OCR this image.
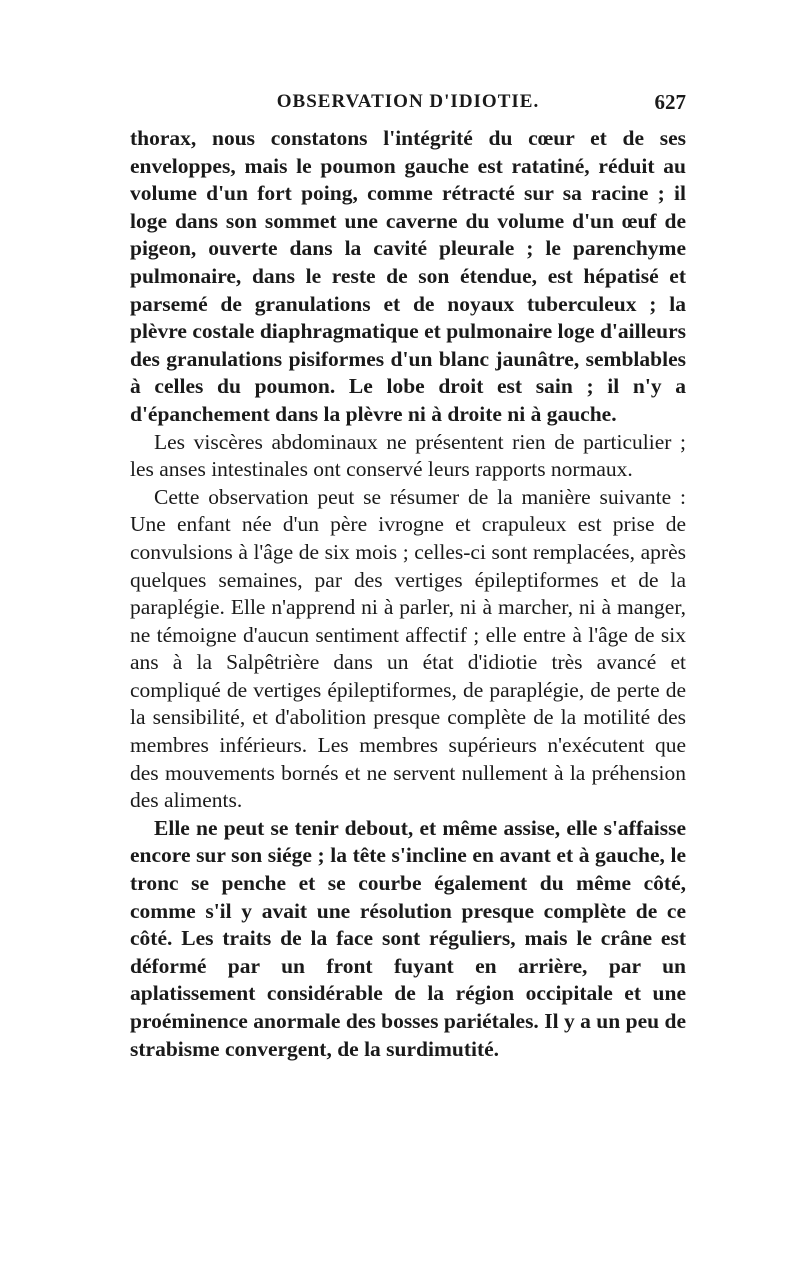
OBSERVATION D'IDIOTIE.	627

thorax, nous constatons l'intégrité du cœur et de ses enveloppes, mais le poumon gauche est ratatiné, réduit au volume d'un fort poing, comme rétracté sur sa racine ; il loge dans son sommet une caverne du volume d'un œuf de pigeon, ouverte dans la cavité pleurale ; le parenchyme pulmonaire, dans le reste de son étendue, est hépatisé et parsemé de granulations et de noyaux tuberculeux ; la plèvre costale diaphragmatique et pulmonaire loge d'ailleurs des granulations pisiformes d'un blanc jaunâtre, semblables à celles du poumon. Le lobe droit est sain ; il n'y a d'épanchement dans la plèvre ni à droite ni à gauche.

Les viscères abdominaux ne présentent rien de particulier ; les anses intestinales ont conservé leurs rapports normaux.

Cette observation peut se résumer de la manière suivante : Une enfant née d'un père ivrogne et crapuleux est prise de convulsions à l'âge de six mois ; celles-ci sont remplacées, après quelques semaines, par des vertiges épileptiformes et de la paraplégie. Elle n'apprend ni à parler, ni à marcher, ni à manger, ne témoigne d'aucun sentiment affectif ; elle entre à l'âge de six ans à la Salpêtrière dans un état d'idiotie très avancé et compliqué de vertiges épileptiformes, de paraplégie, de perte de la sensibilité, et d'abolition presque complète de la motilité des membres inférieurs. Les membres supérieurs n'exécutent que des mouvements bornés et ne servent nullement à la préhension des aliments.

Elle ne peut se tenir debout, et même assise, elle s'affaisse encore sur son siége ; la tête s'incline en avant et à gauche, le tronc se penche et se courbe également du même côté, comme s'il y avait une résolution presque complète de ce côté. Les traits de la face sont réguliers, mais le crâne est déformé par un front fuyant en arrière, par un aplatissement considérable de la région occipitale et une proéminence anormale des bosses pariétales. Il y a un peu de strabisme convergent, de la surdimutité.
